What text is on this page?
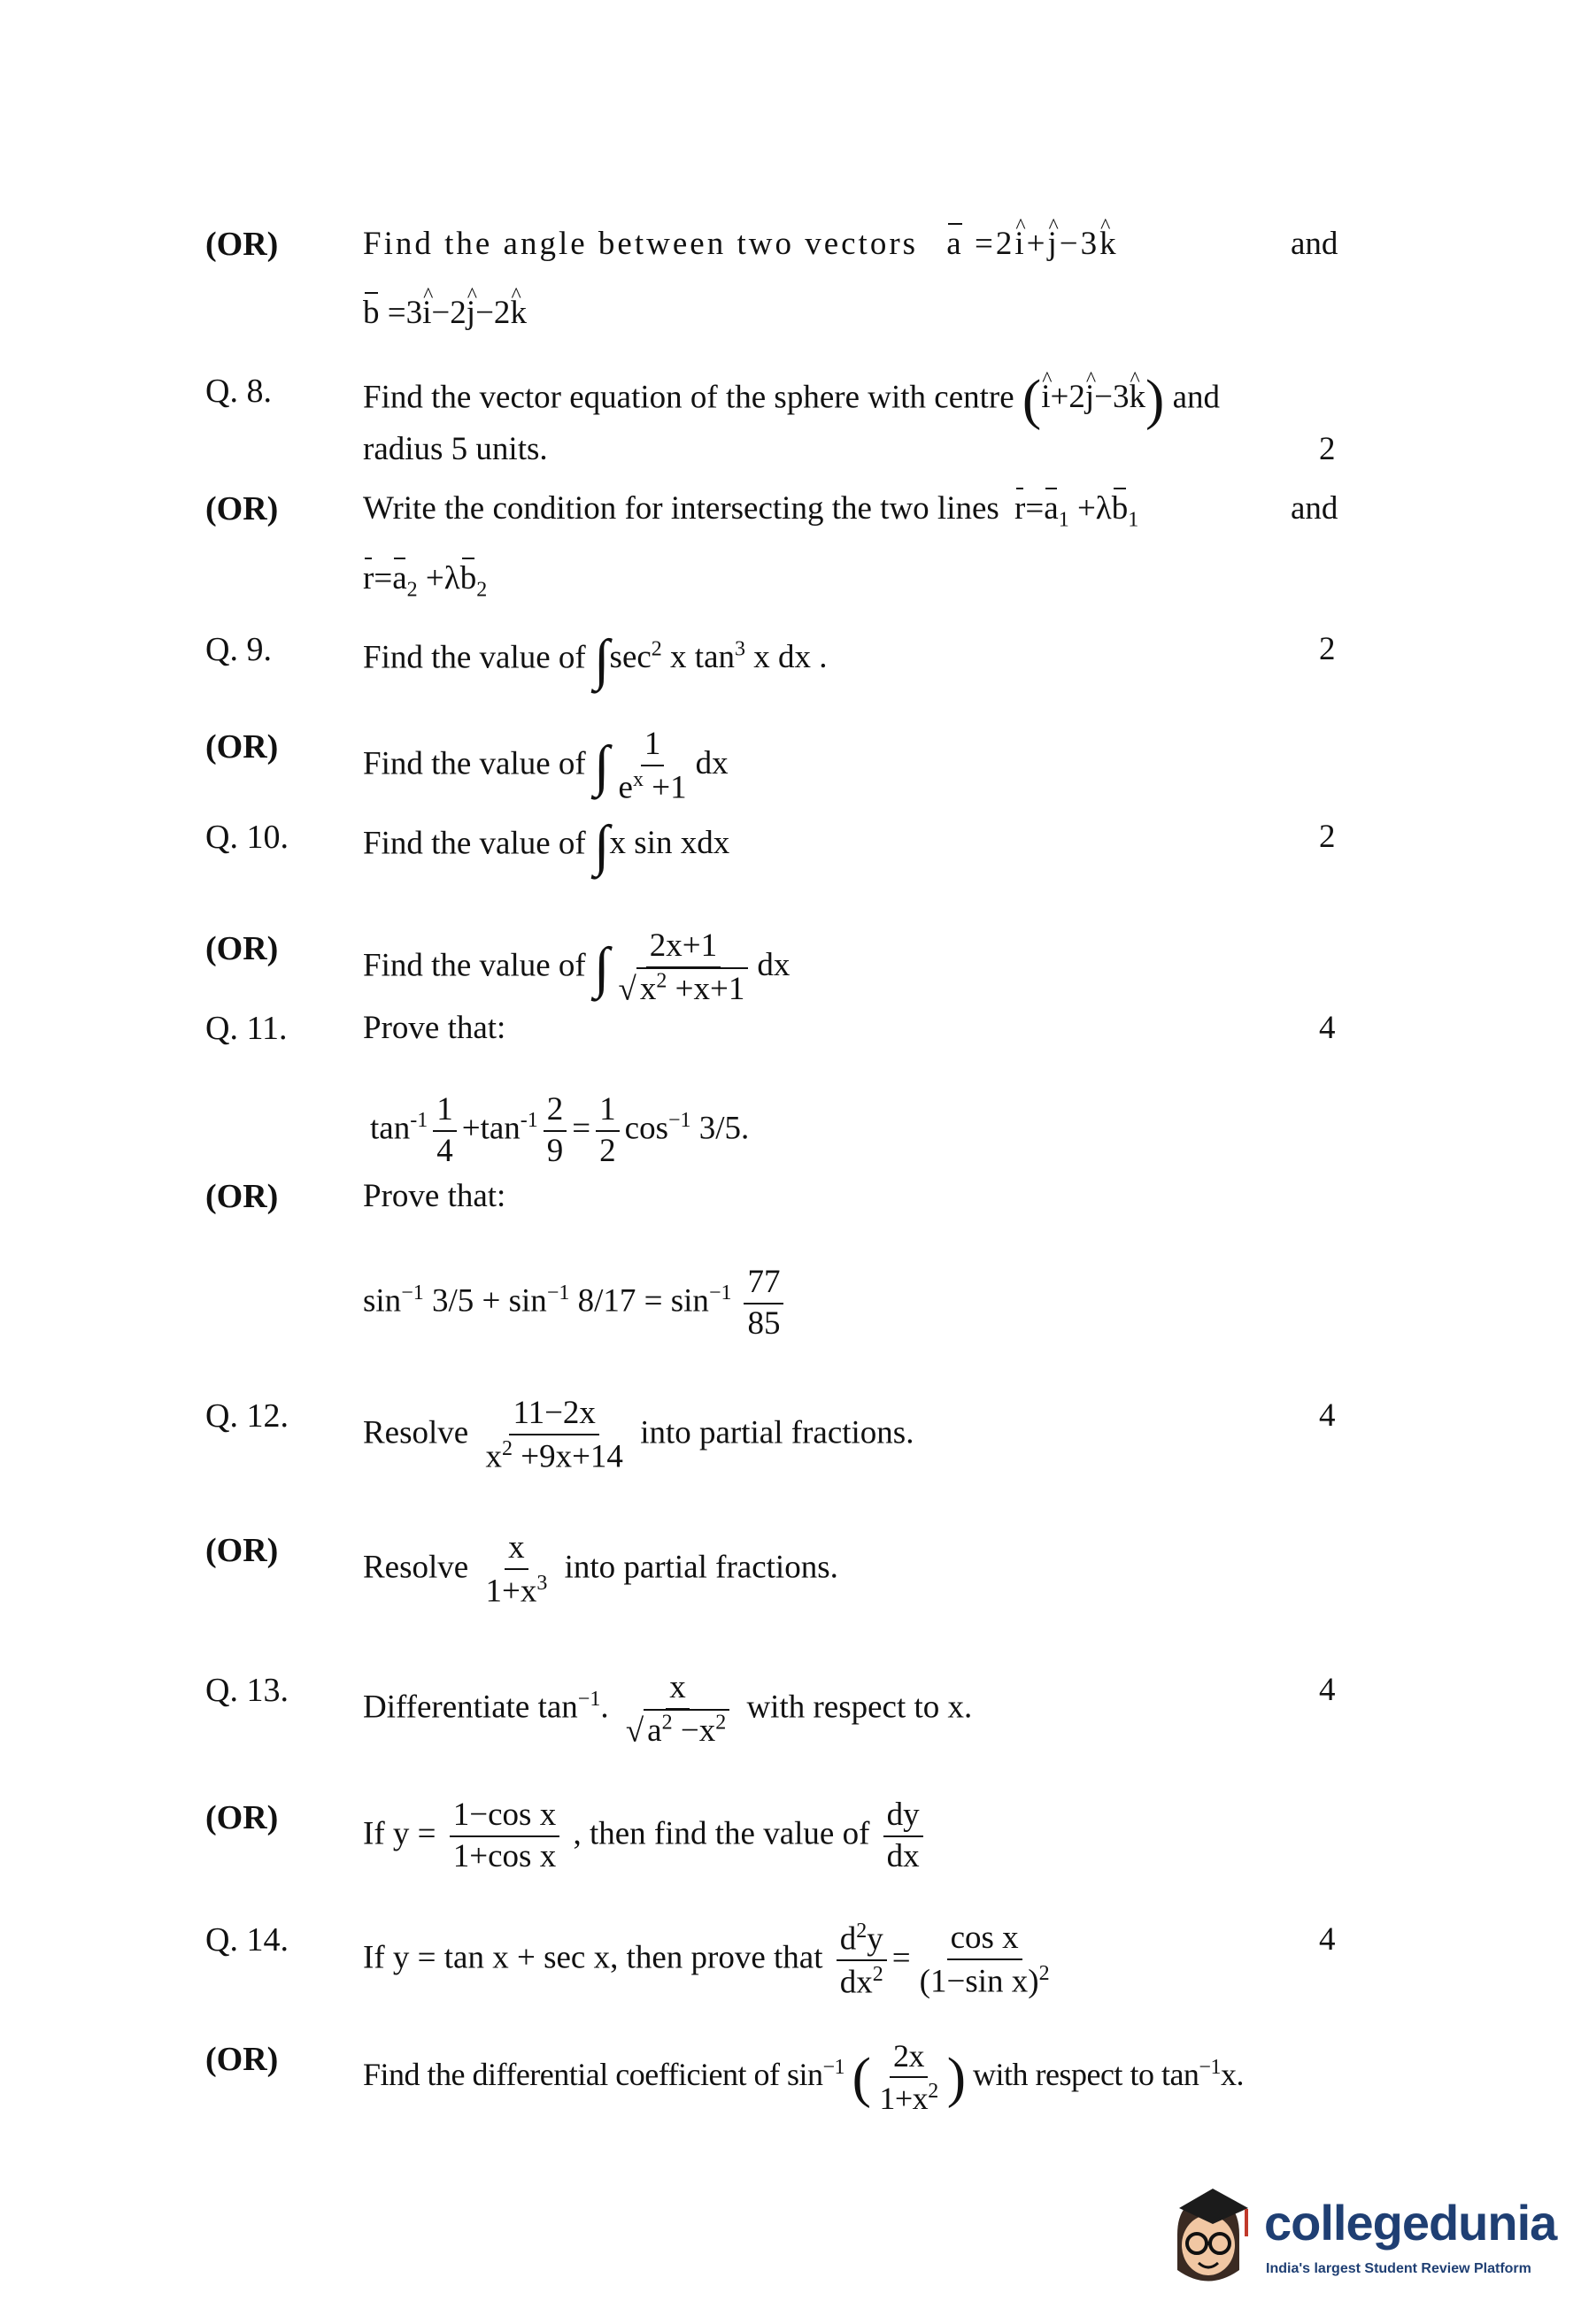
(OR)	Find the angle between two vectors a =2^ i+^ j−3^ k	and
b =3^ i−2^ j−2^ k
Q. 8.	Find the vector equation of the sphere with centre (^ i+2^ j−3^ k) and
radius 5 units.	2
(OR)	Write the condition for intersecting the two lines $r=a_1 +\lambda b_1$	and
$r=a_2 +\lambda b_2$
Q. 9.	Find the value of $\int\sec^2$ x $\tan^3 x$ dx .	2
(OR)	Find the value of ∫ $\frac{1}{e^x +1}$ dx
Q. 10. Find the value of ∫x sin xdx	2
(OR)	Find the value of ∫ $\frac{2x+1}{√ x^2 +x+1}$ dx
Q. 11. Prove that:	4
$\tan^{-1} \frac{1}{4} +\tan^{-1} \frac{2}{9} = \frac{1}{2} \cos^{-1} 3/5$.
(OR)	Prove that:
$\sin^{-1} 3/5 + \sin^{-1} 8/17 = \sin^{-1} \frac{77}{85}$
Q. 12. Resolve $\frac{11-2x}{x^2 +9x+14}$ into partial fractions.	4
(OR)	Resolve $\frac{x}{1+x^3}$ into partial fractions.
Q. 13. Differentiate $\tan^{-1}$. $\frac{x}{√ a^2 -x^2}$ with respect to x.	4
(OR)	If $y = \frac{\text{1−cos x}}{\text{1+cos x}}$ , then find the value of $\frac{dy}{dx}$
Q. 14. If y = tan x + sec x, then prove that $\frac{d^2y}{dx^2} = \frac{\text{cos x}}{(1-\sin x)^2}$	4
(OR)	Find the differential coefficient of $\sin^{-1}$ ( $\frac{2x}{1+x^2}$ ) with respect to $\tan^{-1}x$.
collegedunia
India's largest Student Review Platform
